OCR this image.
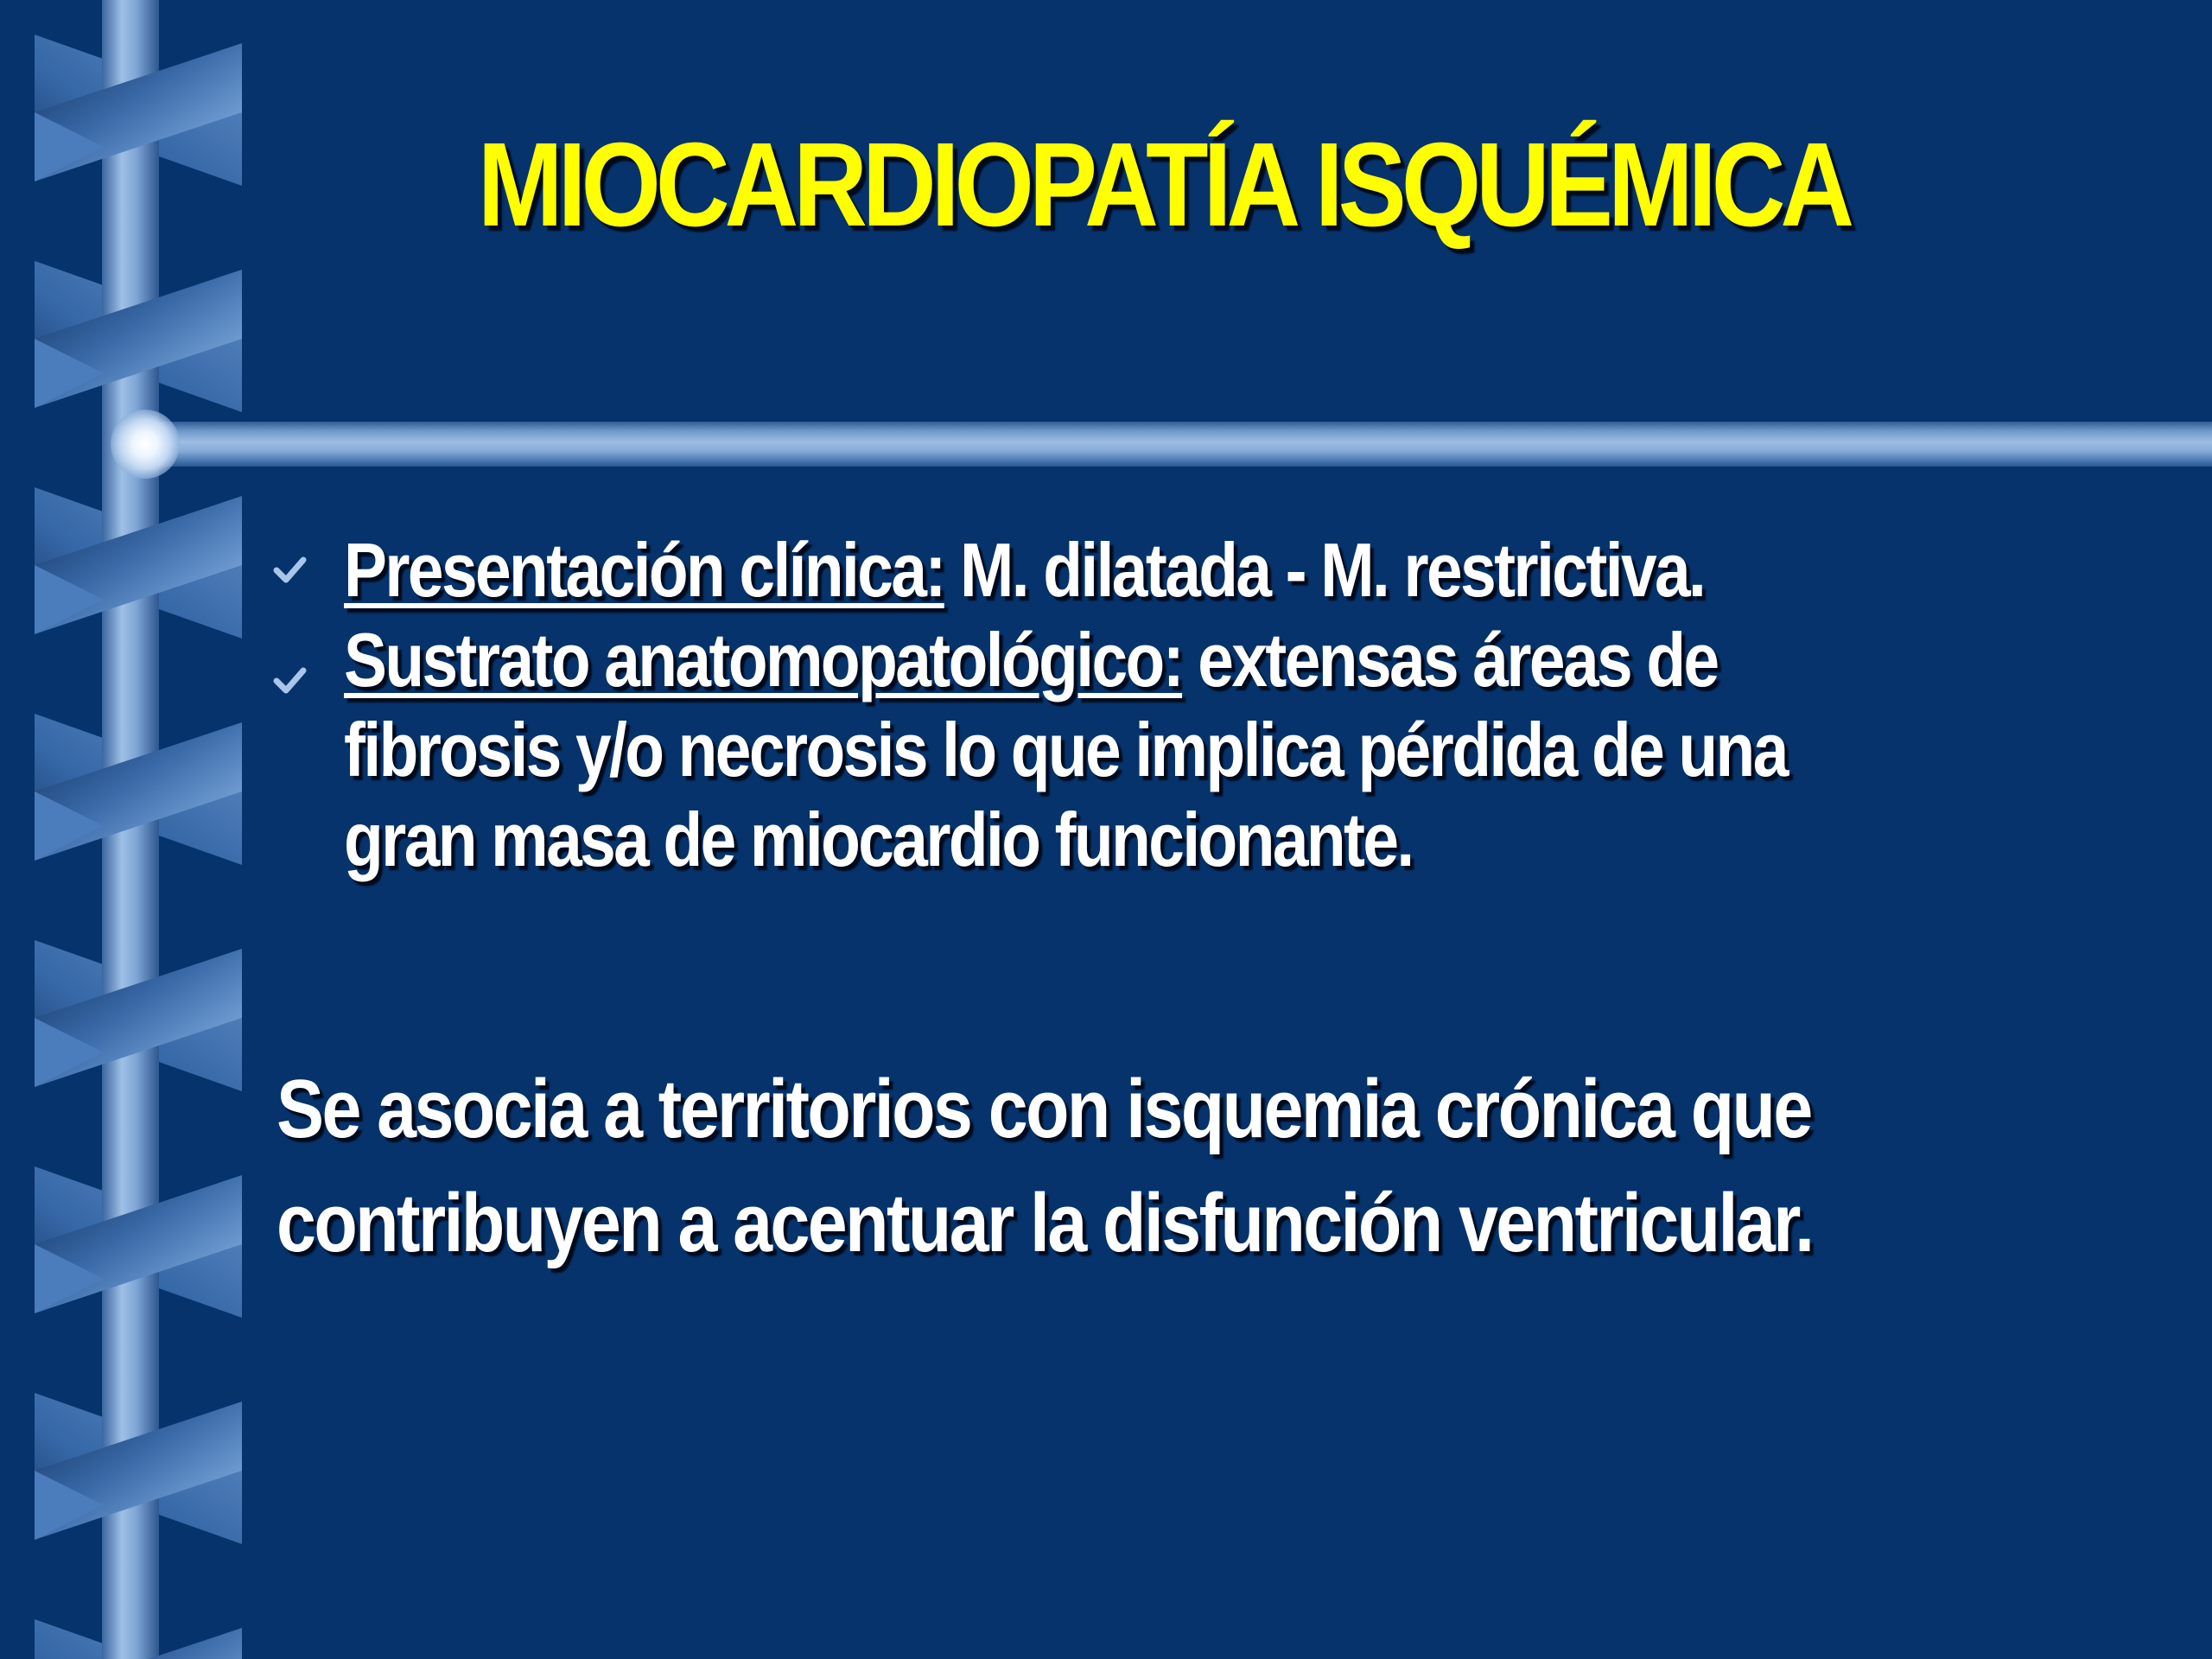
MIOCARDIOPATÍA ISQUÉMICA
Presentación clínica: M. dilatada - M. restrictiva.
Sustrato anatomopatológico: extensas áreas de
fibrosis y/o necrosis lo que implica pérdida de una
gran masa de miocardio funcionante.
Se asocia a territorios con isquemia crónica que
contribuyen a acentuar la disfunción ventricular.
